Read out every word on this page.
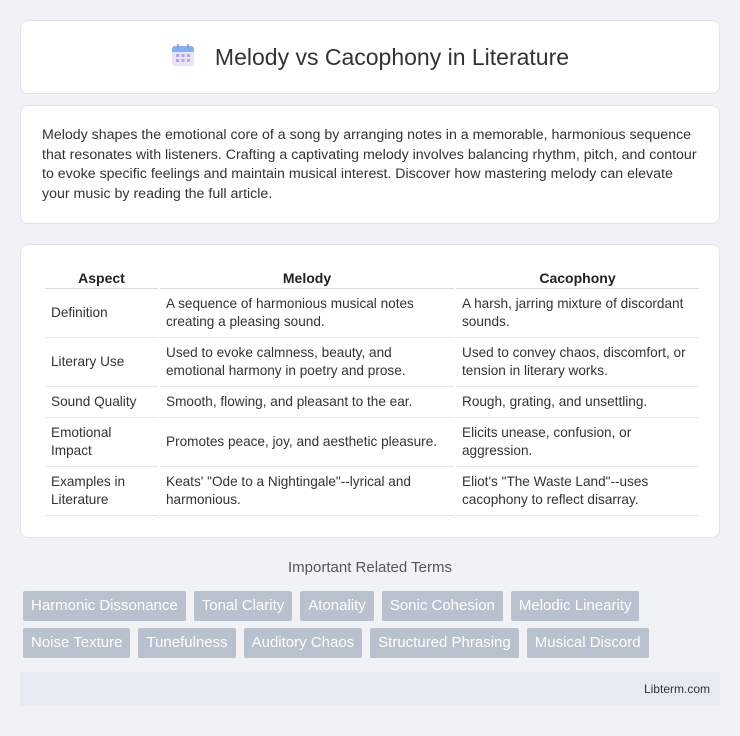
Melody vs Cacophony in Literature

Melody shapes the emotional core of a song by arranging notes in a memorable, harmonious sequence that resonates with listeners. Crafting a captivating melody involves balancing rhythm, pitch, and contour to evoke specific feelings and maintain musical interest. Discover how mastering melody can elevate your music by reading the full article.

Aspect	Melody	Cacophony
Definition	A sequence of harmonious musical notes creating a pleasing sound.	A harsh, jarring mixture of discordant sounds.
Literary Use	Used to evoke calmness, beauty, and emotional harmony in poetry and prose.	Used to convey chaos, discomfort, or tension in literary works.
Sound Quality	Smooth, flowing, and pleasant to the ear.	Rough, grating, and unsettling.
Emotional Impact	Promotes peace, joy, and aesthetic pleasure.	Elicits unease, confusion, or aggression.
Examples in Literature	Keats' "Ode to a Nightingale"--lyrical and harmonious.	Eliot's "The Waste Land"--uses cacophony to reflect disarray.
Important Related Terms
Harmonic Dissonance	Tonal Clarity	Atonality	Sonic Cohesion	Melodic Linearity
Noise Texture	Tunefulness	Auditory Chaos	Structured Phrasing	Musical Discord
Libterm.com
